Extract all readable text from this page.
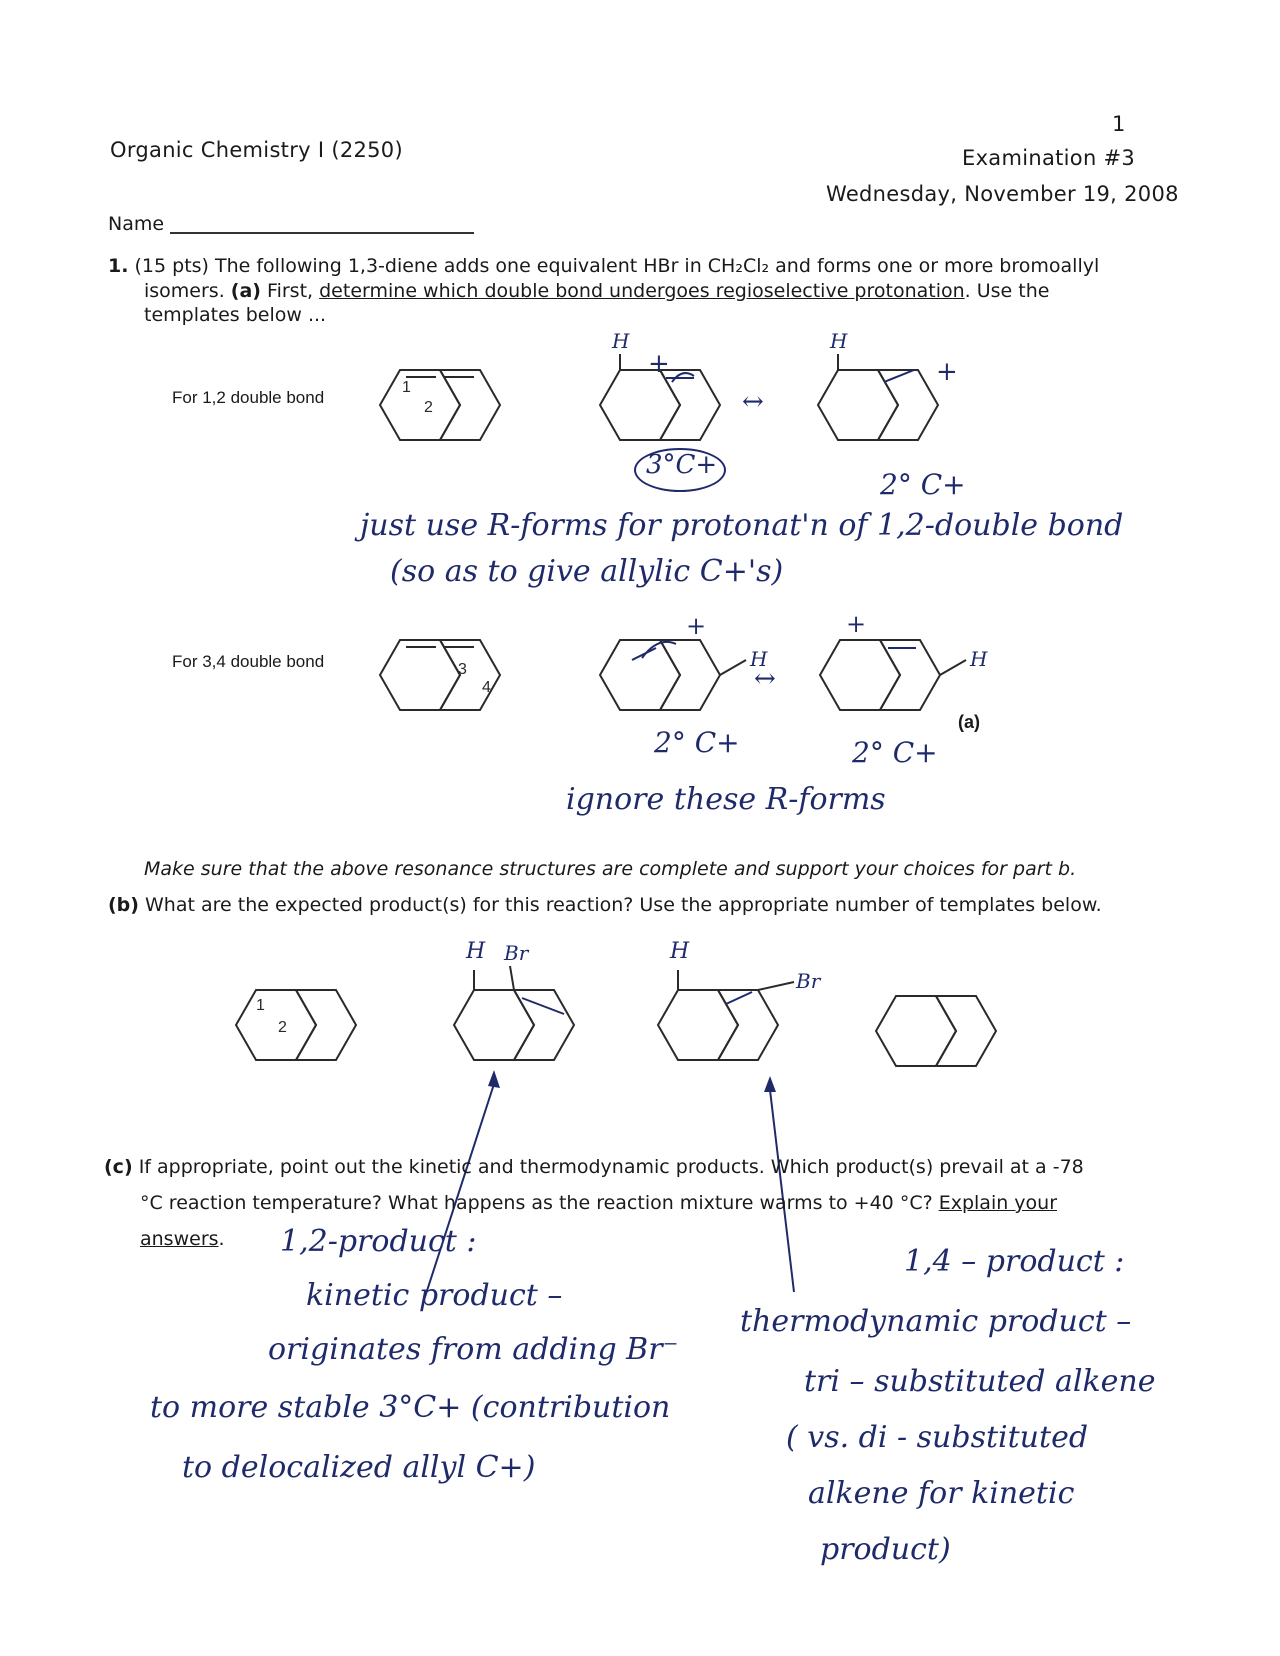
1
Organic Chemistry I (2250)	Examination #3
Wednesday, November 19, 2008
Name
1. (15 pts) The following 1,3-diene adds one equivalent HBr in CH₂Cl₂ and forms one or more bromoallyl
isomers. (a) First, determine which double bond undergoes regioselective protonation. Use the
templates below ...
For 1,2 double bond
For 3,4 double bond
1
2
H
+
↔
H
+
3°C+
2° C+
just use R-forms for protonat'n of 1,2-double bond
(so as to give allylic C+'s)
3
4
H
+
↔
H
+
(a)
2° C+	2° C+
ignore these R-forms
Make sure that the above resonance structures are complete and support your choices for part b.
(b) What are the expected product(s) for this reaction? Use the appropriate number of templates below.
1
2
H Br	H
Br
(c) If appropriate, point out the kinetic and thermodynamic products. Which product(s) prevail at a -78
°C reaction temperature? What happens as the reaction mixture warms to +40 °C? Explain your
answers. 1,2-product :
kinetic product –
originates from adding Br⁻
to more stable 3°C+ (contribution
to delocalized allyl C+)
1,4 – product :
thermodynamic product –
tri – substituted alkene
( vs. di - substituted
alkene for kinetic
product)
